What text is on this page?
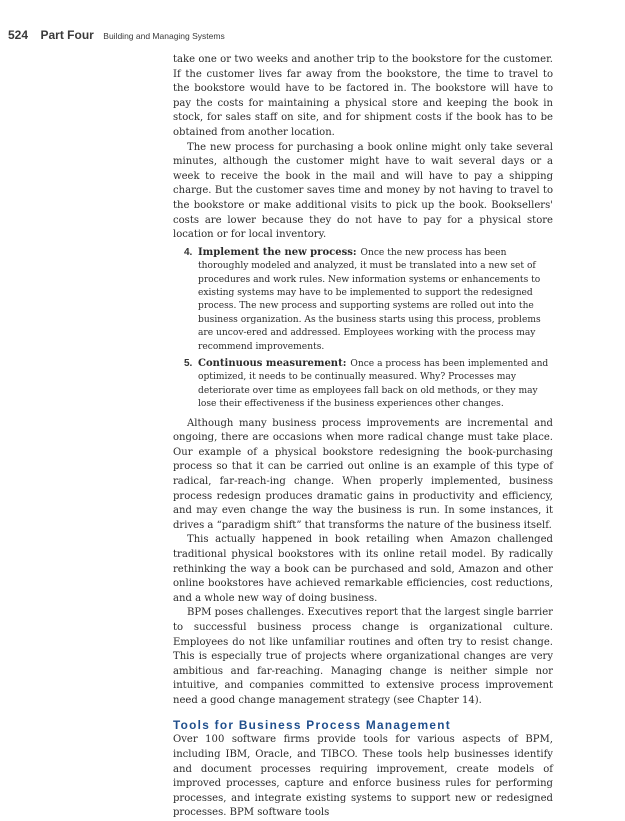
524 Part Four Building and Managing Systems

take one or two weeks and another trip to the bookstore for the customer. If the customer lives far away from the bookstore, the time to travel to the bookstore would have to be factored in. The bookstore will have to pay the costs for maintaining a physical store and keeping the book in stock, for sales staff on site, and for shipment costs if the book has to be obtained from another location.

The new process for purchasing a book online might only take several minutes, although the customer might have to wait several days or a week to receive the book in the mail and will have to pay a shipping charge. But the customer saves time and money by not having to travel to the bookstore or make additional visits to pick up the book. Booksellers' costs are lower because they do not have to pay for a physical store location or for local inventory.

4. Implement the new process: Once the new process has been thoroughly modeled and analyzed, it must be translated into a new set of procedures and work rules. New information systems or enhancements to existing systems may have to be implemented to support the redesigned process. The new process and supporting systems are rolled out into the business organization. As the business starts using this process, problems are uncov-ered and addressed. Employees working with the process may recommend improvements.
5. Continuous measurement: Once a process has been implemented and optimized, it needs to be continually measured. Why? Processes may deteriorate over time as employees fall back on old methods, or they may lose their effectiveness if the business experiences other changes.

Although many business process improvements are incremental and ongoing, there are occasions when more radical change must take place. Our example of a physical bookstore redesigning the book-purchasing process so that it can be carried out online is an example of this type of radical, far-reach-ing change. When properly implemented, business process redesign produces dramatic gains in productivity and efficiency, and may even change the way the business is run. In some instances, it drives a “paradigm shift” that transforms the nature of the business itself.

This actually happened in book retailing when Amazon challenged traditional physical bookstores with its online retail model. By radically rethinking the way a book can be purchased and sold, Amazon and other online bookstores have achieved remarkable efficiencies, cost reductions, and a whole new way of doing business.

BPM poses challenges. Executives report that the largest single barrier to successful business process change is organizational culture. Employees do not like unfamiliar routines and often try to resist change. This is especially true of projects where organizational changes are very ambitious and far-reaching. Managing change is neither simple nor intuitive, and companies committed to extensive process improvement need a good change management strategy (see Chapter 14).

Tools for Business Process Management

Over 100 software firms provide tools for various aspects of BPM, including IBM, Oracle, and TIBCO. These tools help businesses identify and document processes requiring improvement, create models of improved processes, capture and enforce business rules for performing processes, and integrate existing systems to support new or redesigned processes. BPM software tools
